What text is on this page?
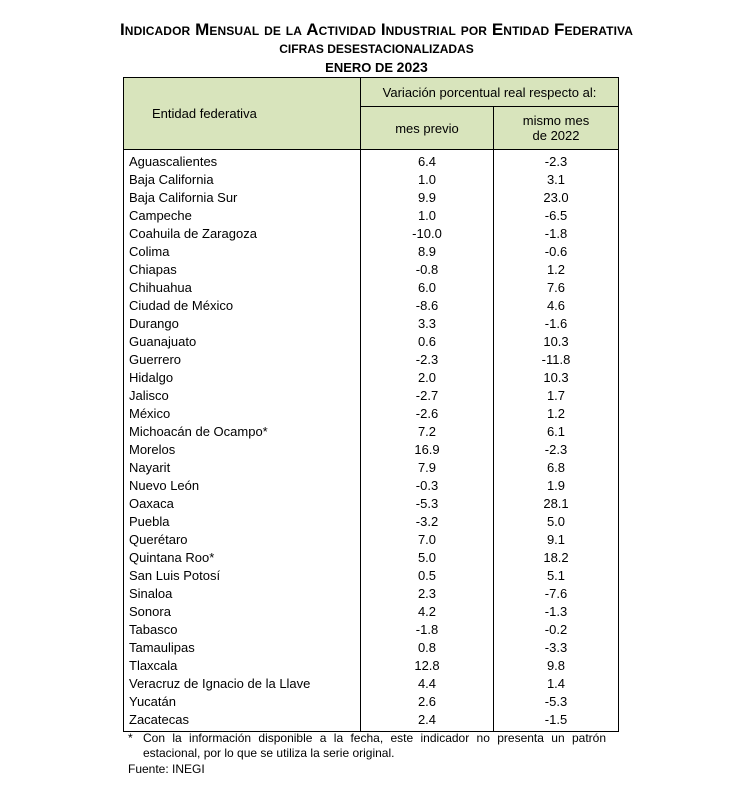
Indicador Mensual de la Actividad Industrial por Entidad Federativa
CIFRAS DESESTACIONALIZADAS
ENERO DE 2023
Entidad federativa	Variación porcentual real respecto al:	
	mes previo	mismo mes
de 2022
Aguascalientes	6.4	-2.3
Baja California	1.0	3.1
Baja California Sur	9.9	23.0
Campeche	1.0	-6.5
Coahuila de Zaragoza	-10.0	-1.8
Colima	8.9	-0.6
Chiapas	-0.8	1.2
Chihuahua	6.0	7.6
Ciudad de México	-8.6	4.6
Durango	3.3	-1.6
Guanajuato	0.6	10.3
Guerrero	-2.3	-11.8
Hidalgo	2.0	10.3
Jalisco	-2.7	1.7
México	-2.6	1.2
Michoacán de Ocampo*	7.2	6.1
Morelos	16.9	-2.3
Nayarit	7.9	6.8
Nuevo León	-0.3	1.9
Oaxaca	-5.3	28.1
Puebla	-3.2	5.0
Querétaro	7.0	9.1
Quintana Roo*	5.0	18.2
San Luis Potosí	0.5	5.1
Sinaloa	2.3	-7.6
Sonora	4.2	-1.3
Tabasco	-1.8	-0.2
Tamaulipas	0.8	-3.3
Tlaxcala	12.8	9.8
Veracruz de Ignacio de la Llave	4.4	1.4
Yucatán	2.6	-5.3
Zacatecas	2.4	-1.5
* Con la información disponible a la fecha, este indicador no presenta un patrón estacional, por lo que se utiliza la serie original.
Fuente: INEGI
